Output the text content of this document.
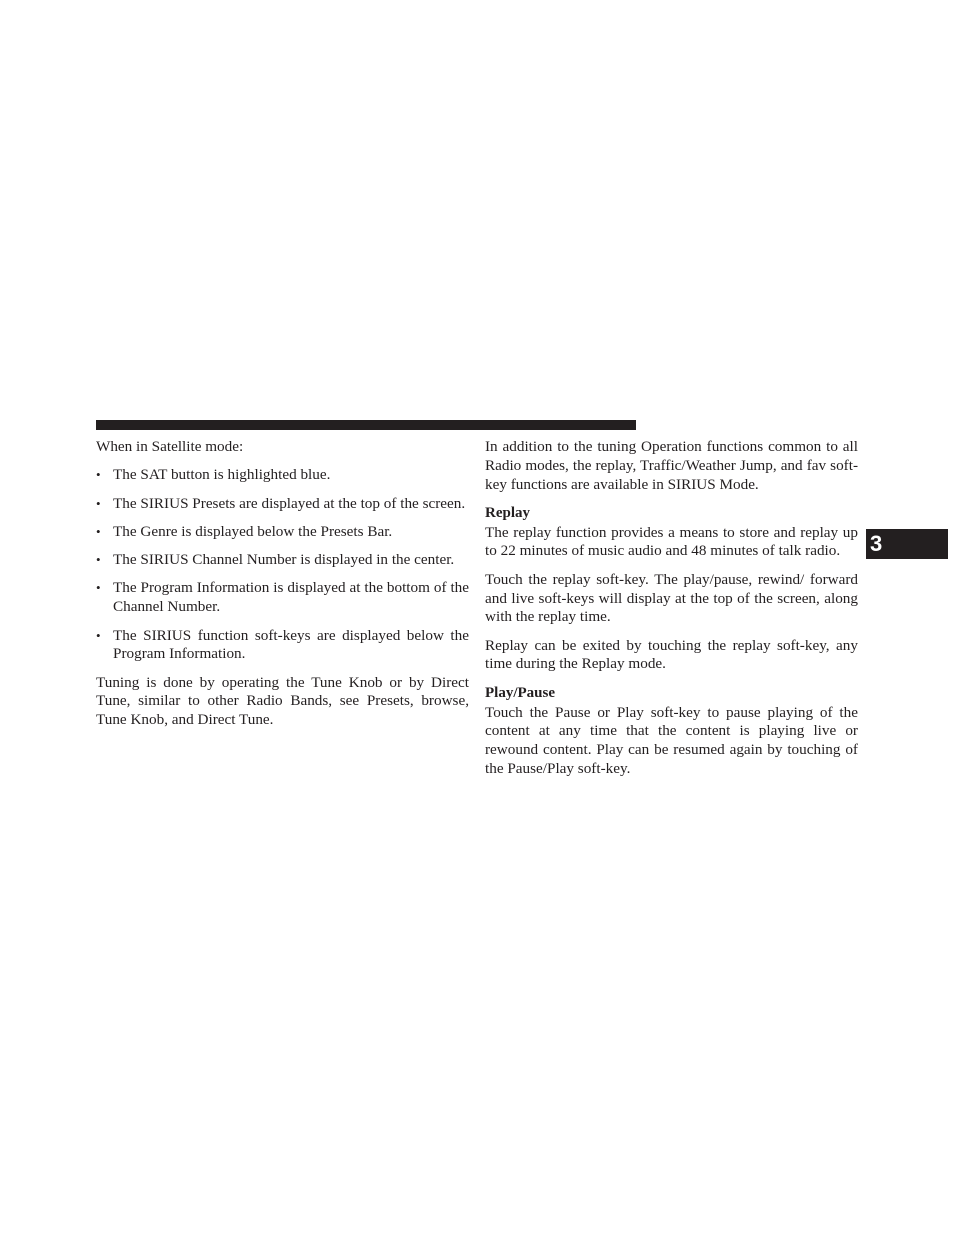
When in Satellite mode:

• The SAT button is highlighted blue.
• The SIRIUS Presets are displayed at the top of the screen.
• The Genre is displayed below the Presets Bar.
• The SIRIUS Channel Number is displayed in the center.
• The Program Information is displayed at the bottom of the Channel Number.
• The SIRIUS function soft-keys are displayed below the Program Information.

Tuning is done by operating the Tune Knob or by Direct Tune, similar to other Radio Bands, see Presets, browse, Tune Knob, and Direct Tune.

In addition to the tuning Operation functions common to all Radio modes, the replay, Traffic/Weather Jump, and fav soft-key functions are available in SIRIUS Mode.

Replay

The replay function provides a means to store and replay up to 22 minutes of music audio and 48 minutes of talk radio.

Touch the replay soft-key. The play/pause, rewind/ forward and live soft-keys will display at the top of the screen, along with the replay time.

Replay can be exited by touching the replay soft-key, any time during the Replay mode.

Play/Pause

Touch the Pause or Play soft-key to pause playing of the content at any time that the content is playing live or rewound content. Play can be resumed again by touching of the Pause/Play soft-key.

3
